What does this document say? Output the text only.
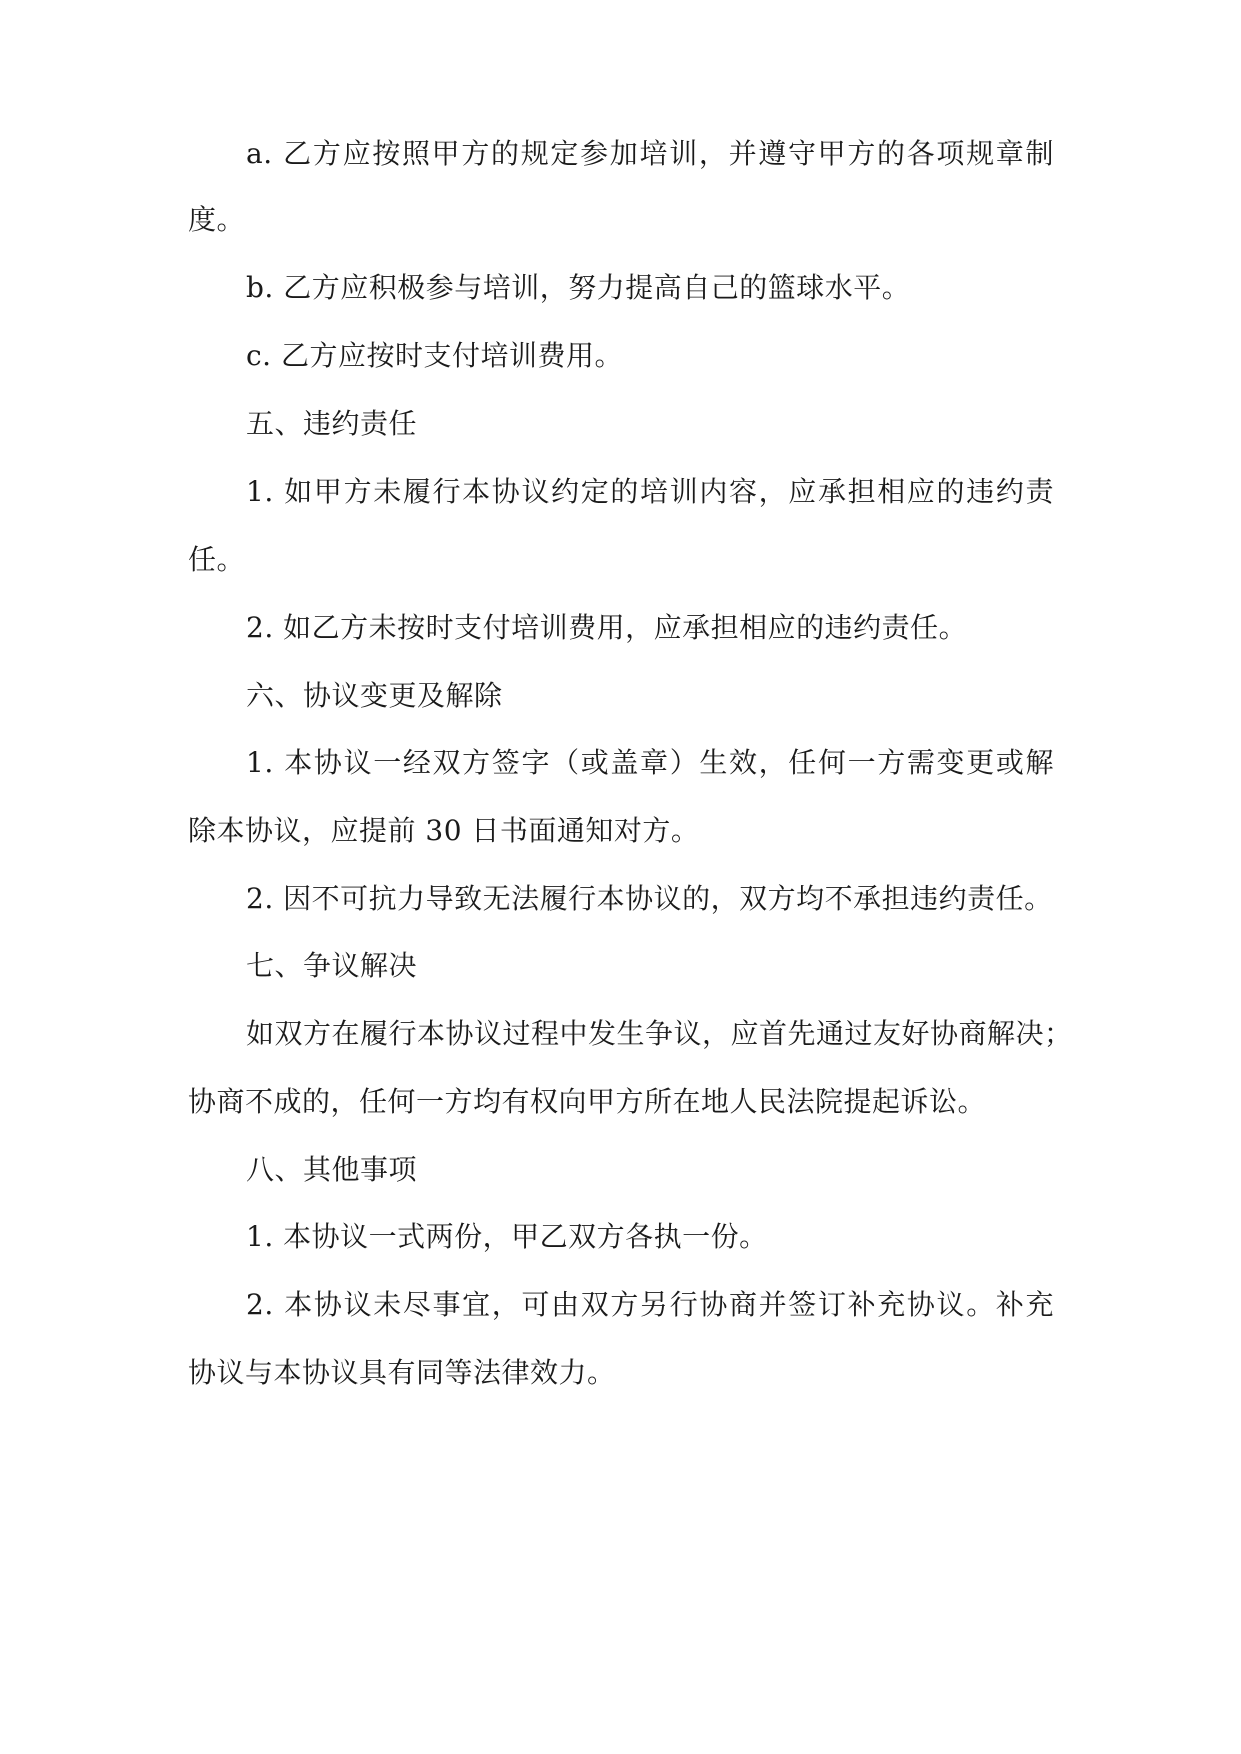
a. 乙方应按照甲方的规定参加培训，并遵守甲方的各项规章制
度。
b. 乙方应积极参与培训，努力提高自己的篮球水平。
c. 乙方应按时支付培训费用。
五、违约责任
1. 如甲方未履行本协议约定的培训内容，应承担相应的违约责
任。
2. 如乙方未按时支付培训费用，应承担相应的违约责任。
六、协议变更及解除
1. 本协议一经双方签字（或盖章）生效，任何一方需变更或解
除本协议，应提前 30 日书面通知对方。
2. 因不可抗力导致无法履行本协议的，双方均不承担违约责任。
七、争议解决
如双方在履行本协议过程中发生争议，应首先通过友好协商解决；
协商不成的，任何一方均有权向甲方所在地人民法院提起诉讼。
八、其他事项
1. 本协议一式两份，甲乙双方各执一份。
2. 本协议未尽事宜，可由双方另行协商并签订补充协议。补充
协议与本协议具有同等法律效力。
